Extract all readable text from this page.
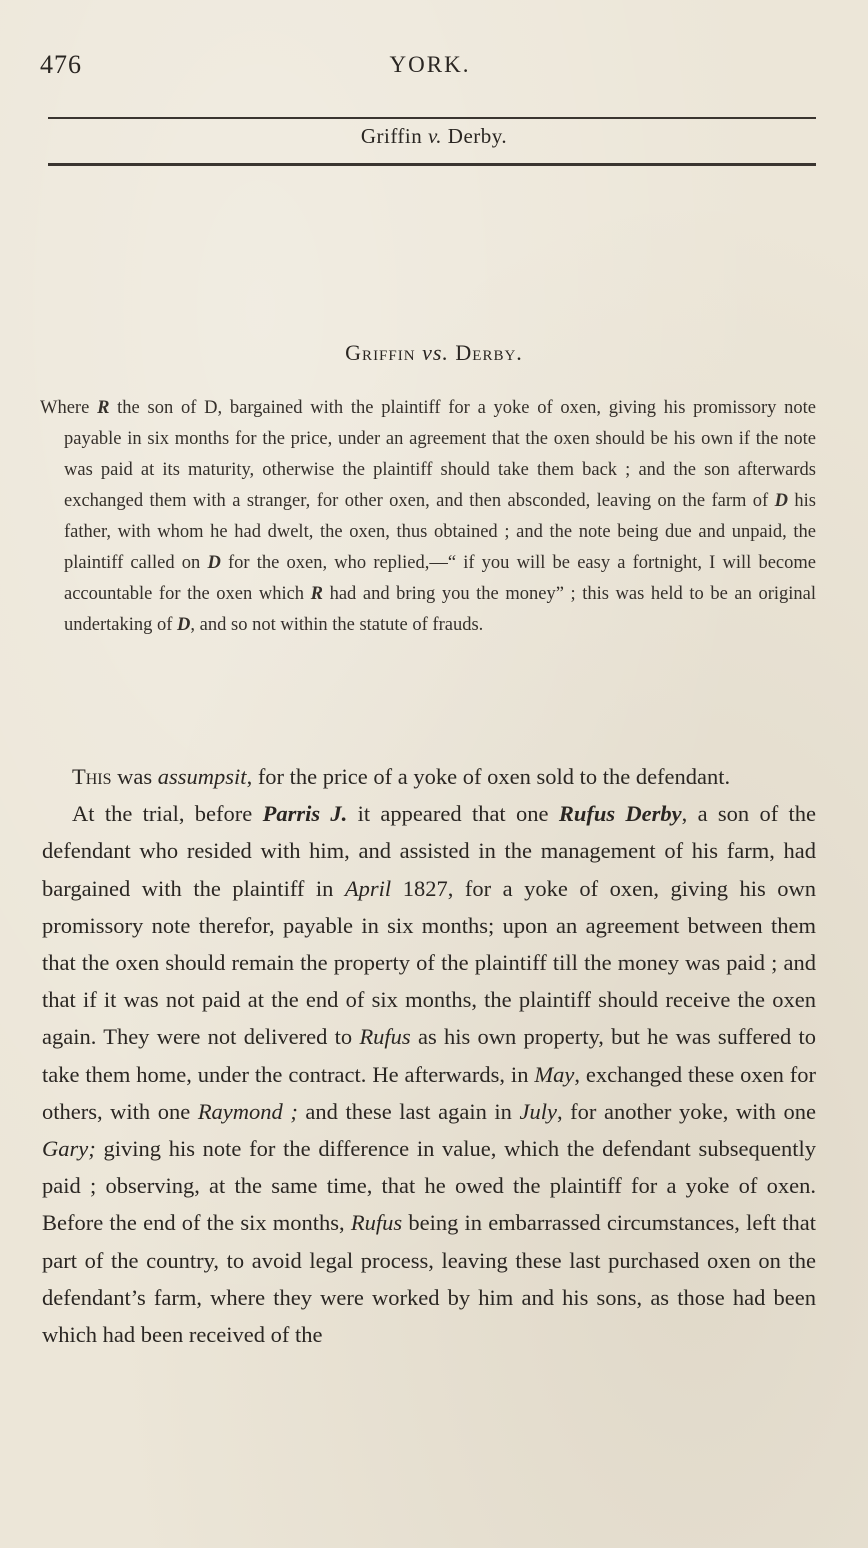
476	YORK.
Griffin v. Derby.
Griffin vs. Derby.

Where R the son of D, bargained with the plaintiff for a yoke of oxen, giving his promissory note payable in six months for the price, under an agreement that the oxen should be his own if the note was paid at its maturity, otherwise the plaintiff should take them back ; and the son afterwards exchanged them with a stranger, for other oxen, and then absconded, leaving on the farm of D his father, with whom he had dwelt, the oxen, thus obtained ; and the note being due and unpaid, the plaintiff called on D for the oxen, who replied,—“ if you will be easy a fortnight, I will become accountable for the oxen which R had and bring you the money” ; this was held to be an original undertaking of D, and so not within the statute of frauds.

This was assumpsit, for the price of a yoke of oxen sold to the defendant.

At the trial, before Parris J. it appeared that one Rufus Derby, a son of the defendant who resided with him, and assisted in the management of his farm, had bargained with the plaintiff in April 1827, for a yoke of oxen, giving his own promissory note therefor, payable in six months; upon an agreement between them that the oxen should remain the property of the plaintiff till the money was paid ; and that if it was not paid at the end of six months, the plaintiff should receive the oxen again. They were not delivered to Rufus as his own property, but he was suffered to take them home, under the contract. He afterwards, in May, exchanged these oxen for others, with one Raymond ; and these last again in July, for another yoke, with one Gary; giving his note for the difference in value, which the defendant subsequently paid ; observing, at the same time, that he owed the plaintiff for a yoke of oxen. Before the end of the six months, Rufus being in embarrassed circumstances, left that part of the country, to avoid legal process, leaving these last purchased oxen on the defendant’s farm, where they were worked by him and his sons, as those had been which had been received of the
